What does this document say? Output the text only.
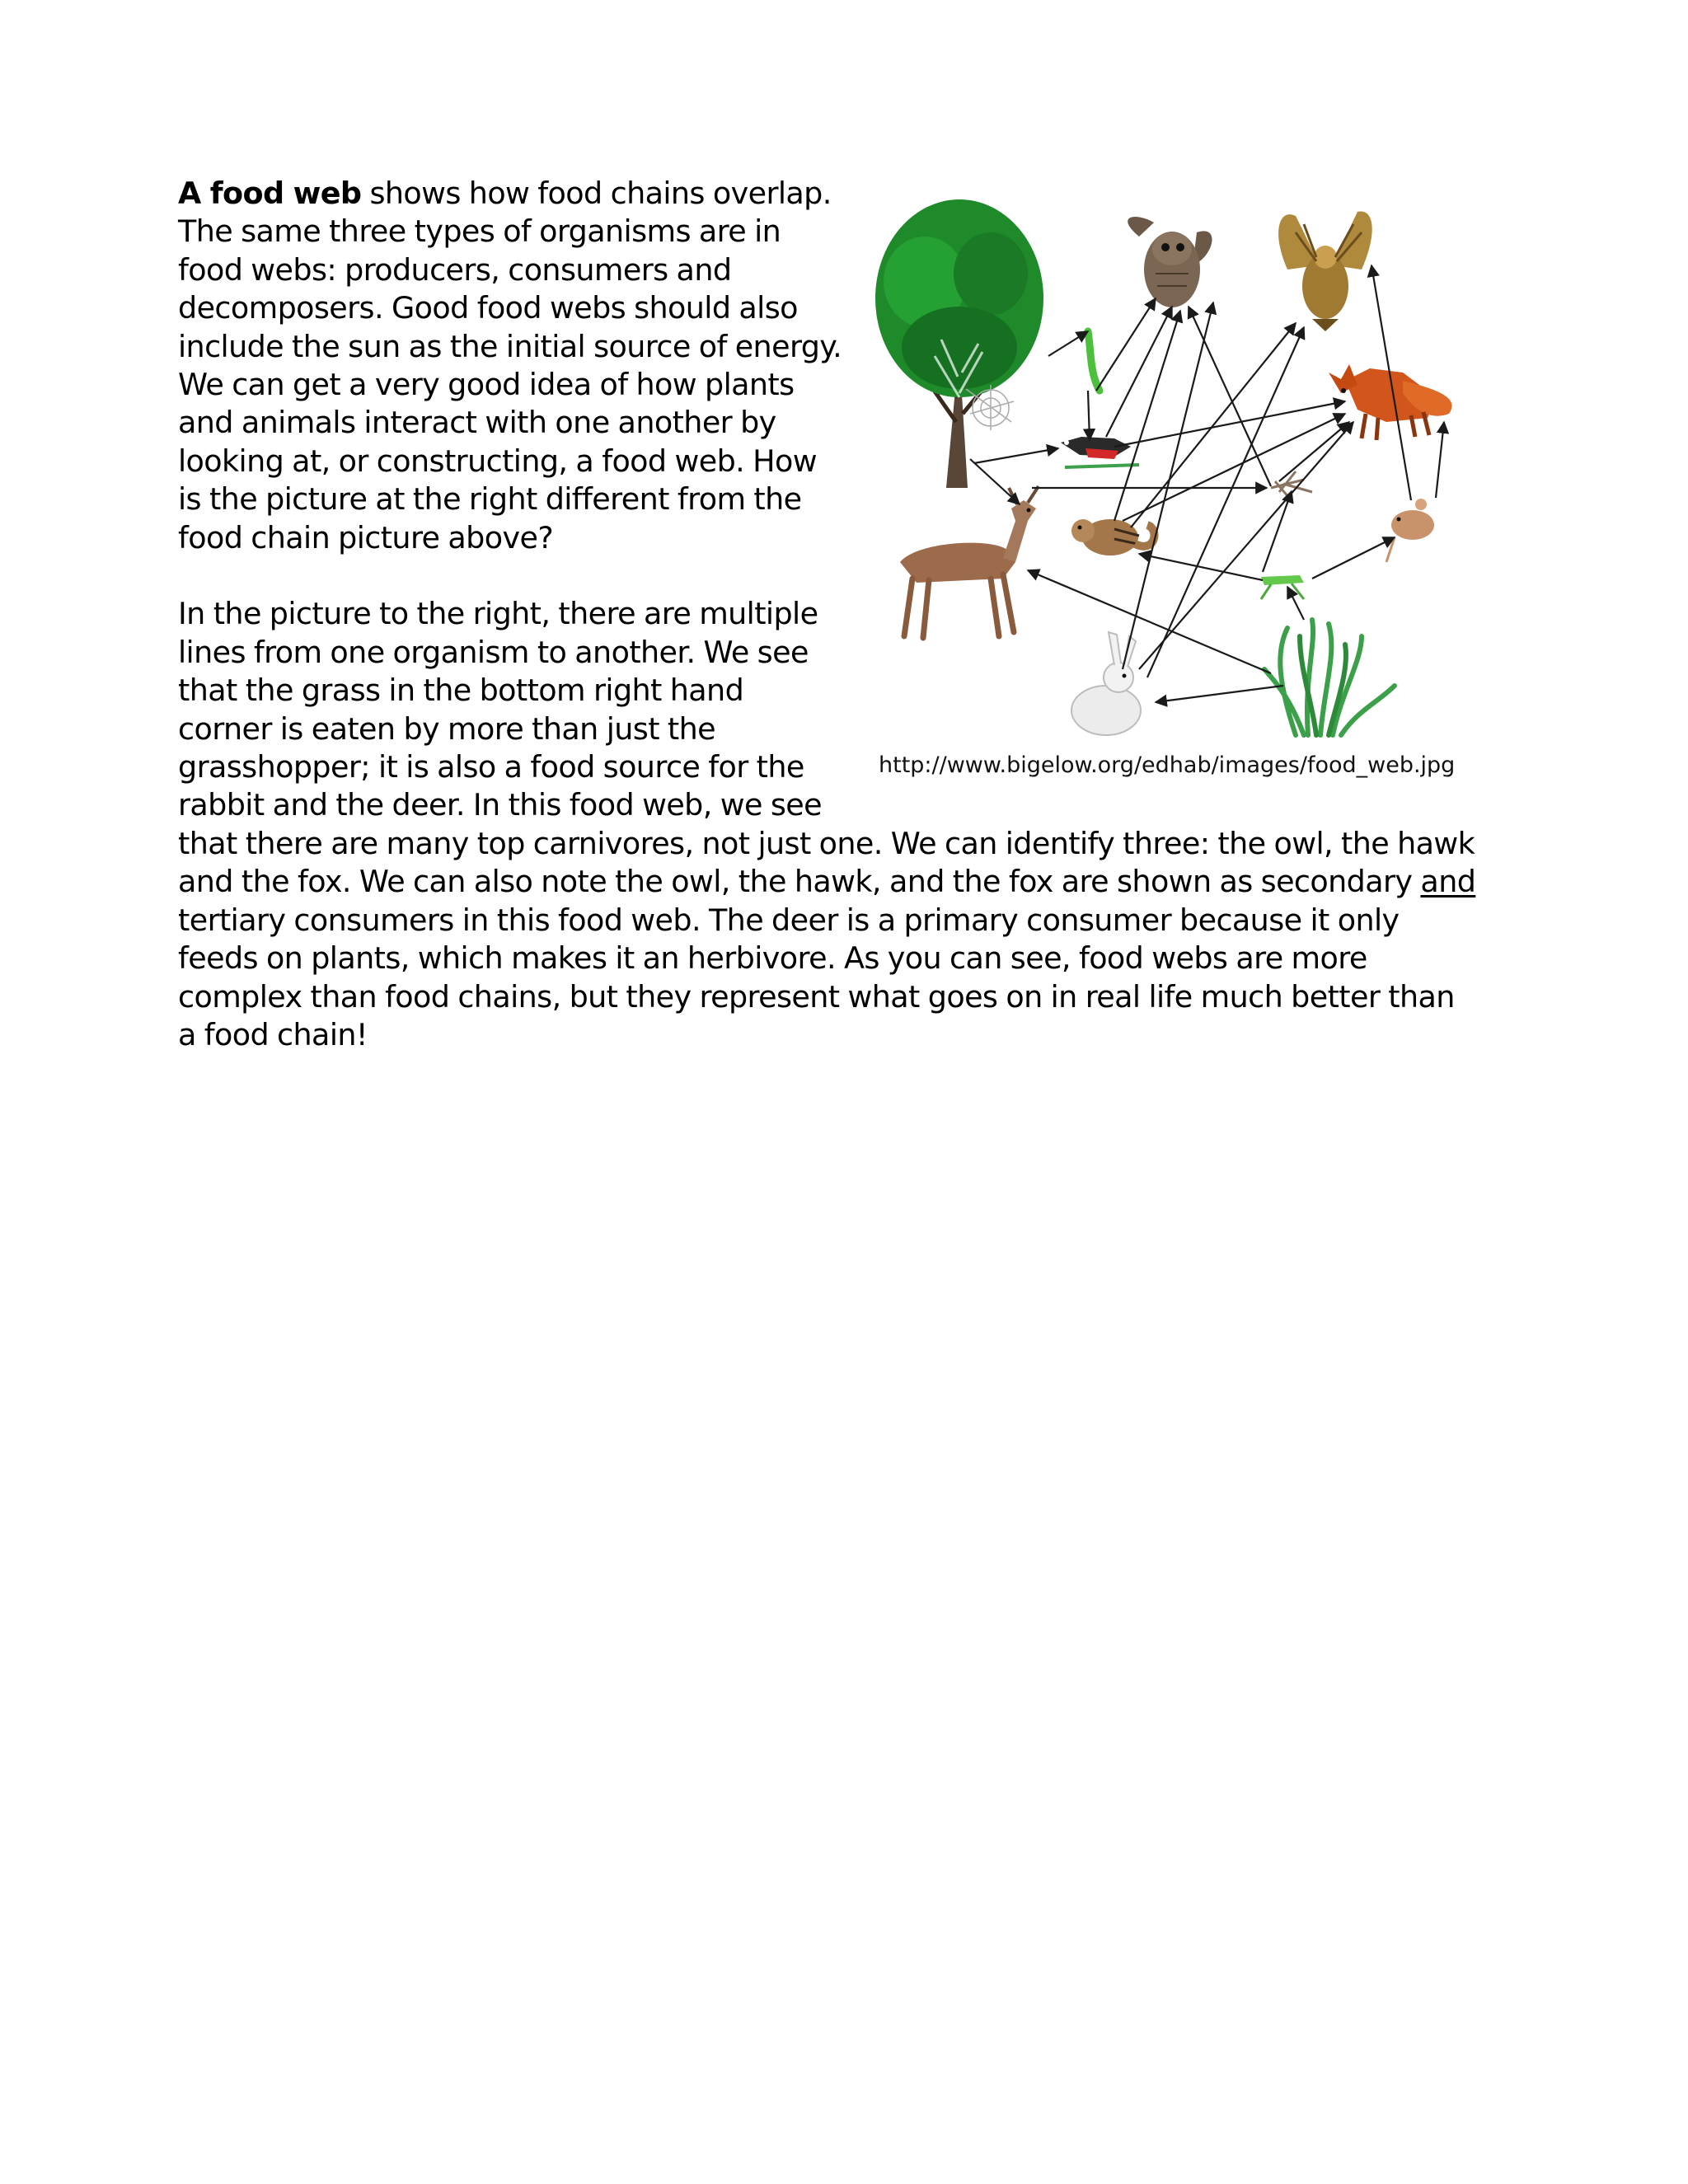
http://www.bigelow.org/edhab/images/food_web.jpg

A food web shows how food chains overlap. The same three types of organisms are in food webs: producers, consumers and decomposers. Good food webs should also include the sun as the initial source of energy. We can get a very good idea of how plants and animals interact with one another by looking at, or constructing, a food web. How is the picture at the right different from the food chain picture above?

In the picture to the right, there are multiple lines from one organism to another. We see that the grass in the bottom right hand corner is eaten by more than just the grasshopper; it is also a food source for the rabbit and the deer. In this food web, we see that there are many top carnivores, not just one. We can identify three: the owl, the hawk and the fox. We can also note the owl, the hawk, and the fox are shown as secondary and tertiary consumers in this food web. The deer is a primary consumer because it only feeds on plants, which makes it an herbivore. As you can see, food webs are more complex than food chains, but they represent what goes on in real life much better than a food chain!
